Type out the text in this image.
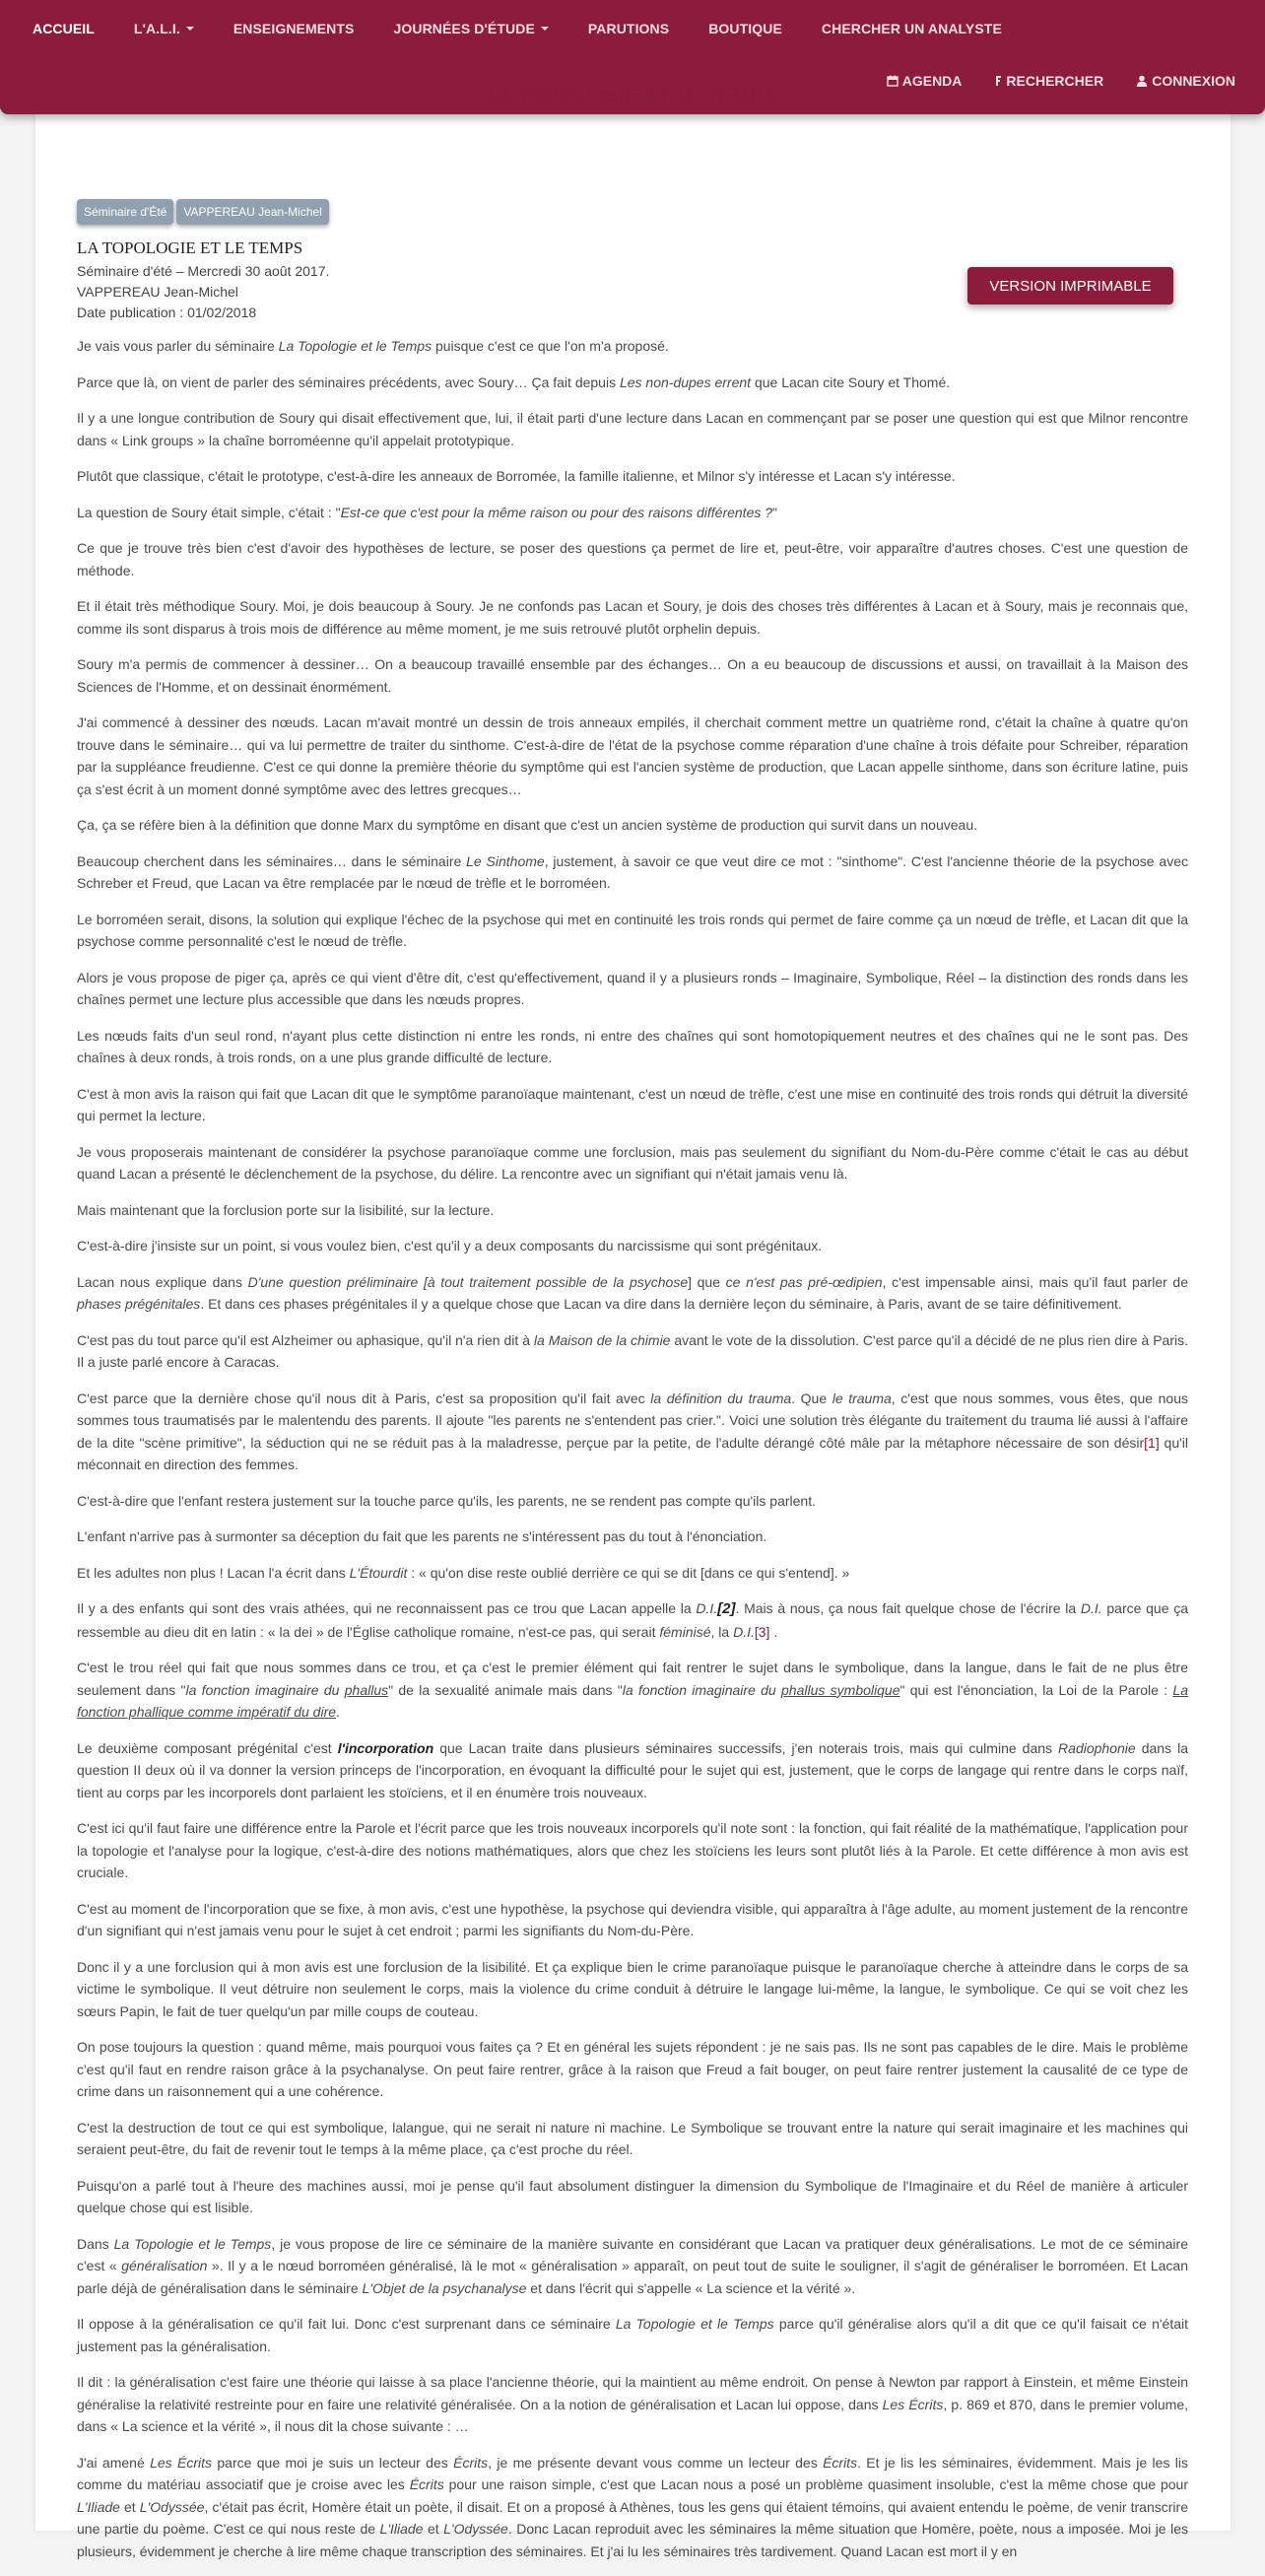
ACCUEIL	L'A.L.I.	ENSEIGNEMENTS	JOURNÉES D'ÉTUDE	PARUTIONS	BOUTIQUE	CHERCHER UN ANALYSTE
AGENDA	RECHERCHER	CONNEXION
LA TOPOLOGIE ET LE TEMPS
Séminaire d'Été	VAPPEREAU Jean-Michel
LA TOPOLOGIE ET LE TEMPS
Séminaire d'été – Mercredi 30 août 2017.
VAPPEREAU Jean-Michel
Date publication : 01/02/2018
VERSION IMPRIMABLE

Je vais vous parler du séminaire La Topologie et le Temps puisque c'est ce que l'on m'a proposé.

Parce que là, on vient de parler des séminaires précédents, avec Soury… Ça fait depuis Les non-dupes errent que Lacan cite Soury et Thomé.

Il y a une longue contribution de Soury qui disait effectivement que, lui, il était parti d'une lecture dans Lacan en commençant par se poser une question qui est que Milnor rencontre dans « Link groups » la chaîne borroméenne qu'il appelait prototypique.

Plutôt que classique, c'était le prototype, c'est-à-dire les anneaux de Borromée, la famille italienne, et Milnor s'y intéresse et Lacan s'y intéresse.

La question de Soury était simple, c'était : "Est-ce que c'est pour la même raison ou pour des raisons différentes ?"

Ce que je trouve très bien c'est d'avoir des hypothèses de lecture, se poser des questions ça permet de lire et, peut-être, voir apparaître d'autres choses. C'est une question de méthode.

Et il était très méthodique Soury. Moi, je dois beaucoup à Soury. Je ne confonds pas Lacan et Soury, je dois des choses très différentes à Lacan et à Soury, mais je reconnais que, comme ils sont disparus à trois mois de différence au même moment, je me suis retrouvé plutôt orphelin depuis.

Soury m'a permis de commencer à dessiner… On a beaucoup travaillé ensemble par des échanges… On a eu beaucoup de discussions et aussi, on travaillait à la Maison des Sciences de l'Homme, et on dessinait énormément.

J'ai commencé à dessiner des nœuds. Lacan m'avait montré un dessin de trois anneaux empilés, il cherchait comment mettre un quatrième rond, c'était la chaîne à quatre qu'on trouve dans le séminaire… qui va lui permettre de traiter du sinthome. C'est-à-dire de l'état de la psychose comme réparation d'une chaîne à trois défaite pour Schreiber, réparation par la suppléance freudienne. C'est ce qui donne la première théorie du symptôme qui est l'ancien système de production, que Lacan appelle sinthome, dans son écriture latine, puis ça s'est écrit à un moment donné symptôme avec des lettres grecques…

Ça, ça se réfère bien à la définition que donne Marx du symptôme en disant que c'est un ancien système de production qui survit dans un nouveau.

Beaucoup cherchent dans les séminaires… dans le séminaire Le Sinthome, justement, à savoir ce que veut dire ce mot : "sinthome". C'est l'ancienne théorie de la psychose avec Schreber et Freud, que Lacan va être remplacée par le nœud de trèfle et le borroméen.

Le borroméen serait, disons, la solution qui explique l'échec de la psychose qui met en continuité les trois ronds qui permet de faire comme ça un nœud de trèfle, et Lacan dit que la psychose comme personnalité c'est le nœud de trèfle.

Alors je vous propose de piger ça, après ce qui vient d'être dit, c'est qu'effectivement, quand il y a plusieurs ronds – Imaginaire, Symbolique, Réel – la distinction des ronds dans les chaînes permet une lecture plus accessible que dans les nœuds propres.

Les nœuds faits d'un seul rond, n'ayant plus cette distinction ni entre les ronds, ni entre des chaînes qui sont homotopiquement neutres et des chaînes qui ne le sont pas. Des chaînes à deux ronds, à trois ronds, on a une plus grande difficulté de lecture.

C'est à mon avis la raison qui fait que Lacan dit que le symptôme paranoïaque maintenant, c'est un nœud de trèfle, c'est une mise en continuité des trois ronds qui détruit la diversité qui permet la lecture.

Je vous proposerais maintenant de considérer la psychose paranoïaque comme une forclusion, mais pas seulement du signifiant du Nom-du-Père comme c'était le cas au début quand Lacan a présenté le déclenchement de la psychose, du délire. La rencontre avec un signifiant qui n'était jamais venu là.

Mais maintenant que la forclusion porte sur la lisibilité, sur la lecture.

C'est-à-dire j'insiste sur un point, si vous voulez bien, c'est qu'il y a deux composants du narcissisme qui sont prégénitaux.

Lacan nous explique dans D'une question préliminaire [à tout traitement possible de la psychose] que ce n'est pas pré-œdipien, c'est impensable ainsi, mais qu'il faut parler de phases prégénitales. Et dans ces phases prégénitales il y a quelque chose que Lacan va dire dans la dernière leçon du séminaire, à Paris, avant de se taire définitivement.

C'est pas du tout parce qu'il est Alzheimer ou aphasique, qu'il n'a rien dit à la Maison de la chimie avant le vote de la dissolution. C'est parce qu'il a décidé de ne plus rien dire à Paris. Il a juste parlé encore à Caracas.

C'est parce que la dernière chose qu'il nous dit à Paris, c'est sa proposition qu'il fait avec la définition du trauma. Que le trauma, c'est que nous sommes, vous êtes, que nous sommes tous traumatisés par le malentendu des parents. Il ajoute "les parents ne s'entendent pas crier.". Voici une solution très élégante du traitement du trauma lié aussi à l'affaire de la dite "scène primitive", la séduction qui ne se réduit pas à la maladresse, perçue par la petite, de l'adulte dérangé côté mâle par la métaphore nécessaire de son désir[1] qu'il méconnait en direction des femmes.

C'est-à-dire que l'enfant restera justement sur la touche parce qu'ils, les parents, ne se rendent pas compte qu'ils parlent.

L'enfant n'arrive pas à surmonter sa déception du fait que les parents ne s'intéressent pas du tout à l'énonciation.

Et les adultes non plus ! Lacan l'a écrit dans L'Étourdit : « qu'on dise reste oublié derrière ce qui se dit [dans ce qui s'entend]. »

Il y a des enfants qui sont des vrais athées, qui ne reconnaissent pas ce trou que Lacan appelle la D.I.[2]. Mais à nous, ça nous fait quelque chose de l'écrire la D.I. parce que ça ressemble au dieu dit en latin : « la dei » de l'Église catholique romaine, n'est-ce pas, qui serait féminisé, la D.I.[3] .

C'est le trou réel qui fait que nous sommes dans ce trou, et ça c'est le premier élément qui fait rentrer le sujet dans le symbolique, dans la langue, dans le fait de ne plus être seulement dans "la fonction imaginaire du phallus" de la sexualité animale mais dans "la fonction imaginaire du phallus symbolique" qui est l'énonciation, la Loi de la Parole : La fonction phallique comme impératif du dire.

Le deuxième composant prégénital c'est l'incorporation que Lacan traite dans plusieurs séminaires successifs, j'en noterais trois, mais qui culmine dans Radiophonie dans la question II deux où il va donner la version princeps de l'incorporation, en évoquant la difficulté pour le sujet qui est, justement, que le corps de langage qui rentre dans le corps naïf, tient au corps par les incorporels dont parlaient les stoïciens, et il en énumère trois nouveaux.

C'est ici qu'il faut faire une différence entre la Parole et l'écrit parce que les trois nouveaux incorporels qu'il note sont : la fonction, qui fait réalité de la mathématique, l'application pour la topologie et l'analyse pour la logique, c'est-à-dire des notions mathématiques, alors que chez les stoïciens les leurs sont plutôt liés à la Parole. Et cette différence à mon avis est cruciale.

C'est au moment de l'incorporation que se fixe, à mon avis, c'est une hypothèse, la psychose qui deviendra visible, qui apparaîtra à l'âge adulte, au moment justement de la rencontre d'un signifiant qui n'est jamais venu pour le sujet à cet endroit ; parmi les signifiants du Nom-du-Père.

Donc il y a une forclusion qui à mon avis est une forclusion de la lisibilité. Et ça explique bien le crime paranoïaque puisque le paranoïaque cherche à atteindre dans le corps de sa victime le symbolique. Il veut détruire non seulement le corps, mais la violence du crime conduit à détruire le langage lui-même, la langue, le symbolique. Ce qui se voit chez les sœurs Papin, le fait de tuer quelqu'un par mille coups de couteau.

On pose toujours la question : quand même, mais pourquoi vous faites ça ? Et en général les sujets répondent : je ne sais pas. Ils ne sont pas capables de le dire. Mais le problème c'est qu'il faut en rendre raison grâce à la psychanalyse. On peut faire rentrer, grâce à la raison que Freud a fait bouger, on peut faire rentrer justement la causalité de ce type de crime dans un raisonnement qui a une cohérence.

C'est la destruction de tout ce qui est symbolique, lalangue, qui ne serait ni nature ni machine. Le Symbolique se trouvant entre la nature qui serait imaginaire et les machines qui seraient peut-être, du fait de revenir tout le temps à la même place, ça c'est proche du réel.

Puisqu'on a parlé tout à l'heure des machines aussi, moi je pense qu'il faut absolument distinguer la dimension du Symbolique de l'Imaginaire et du Réel de manière à articuler quelque chose qui est lisible.

Dans La Topologie et le Temps, je vous propose de lire ce séminaire de la manière suivante en considérant que Lacan va pratiquer deux généralisations. Le mot de ce séminaire c'est « généralisation ». Il y a le nœud borroméen généralisé, là le mot « généralisation » apparaît, on peut tout de suite le souligner, il s'agit de généraliser le borroméen. Et Lacan parle déjà de généralisation dans le séminaire L'Objet de la psychanalyse et dans l'écrit qui s'appelle « La science et la vérité ».

Il oppose à la généralisation ce qu'il fait lui. Donc c'est surprenant dans ce séminaire La Topologie et le Temps parce qu'il généralise alors qu'il a dit que ce qu'il faisait ce n'était justement pas la généralisation.

Il dit : la généralisation c'est faire une théorie qui laisse à sa place l'ancienne théorie, qui la maintient au même endroit. On pense à Newton par rapport à Einstein, et même Einstein généralise la relativité restreinte pour en faire une relativité généralisée. On a la notion de généralisation et Lacan lui oppose, dans Les Écrits, p. 869 et 870, dans le premier volume, dans « La science et la vérité », il nous dit la chose suivante : …

J'ai amené Les Écrits parce que moi je suis un lecteur des Écrits, je me présente devant vous comme un lecteur des Écrits. Et je lis les séminaires, évidemment. Mais je les lis comme du matériau associatif que je croise avec les Écrits pour une raison simple, c'est que Lacan nous a posé un problème quasiment insoluble, c'est la même chose que pour L'Iliade et L'Odyssée, c'était pas écrit, Homère était un poète, il disait. Et on a proposé à Athènes, tous les gens qui étaient témoins, qui avaient entendu le poème, de venir transcrire une partie du poème. C'est ce qui nous reste de L'Iliade et L'Odyssée. Donc Lacan reproduit avec les séminaires la même situation que Homère, poète, nous a imposée. Moi je les plusieurs, évidemment je cherche à lire même chaque transcription des séminaires. Et j'ai lu les séminaires très tardivement. Quand Lacan est mort il y en
